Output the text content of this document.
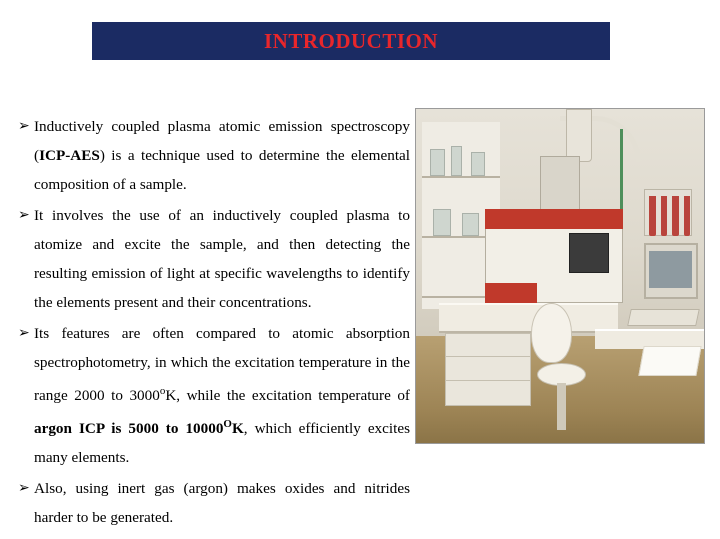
INTRODUCTION
➢ Inductively coupled plasma atomic emission spectroscopy (ICP-AES) is a technique used to determine the elemental composition of a sample.
➢ It involves the use of an inductively coupled plasma to atomize and excite the sample, and then detecting the resulting emission of light at specific wavelengths to identify the elements present and their concentrations.
➢ Its features are often compared to atomic absorption spectrophotometry, in which the excitation temperature in the range 2000 to 3000$^o$K, while the excitation temperature of argon ICP is 5000 to $10000^OK$, which efficiently excites many elements.
➢ Also, using inert gas (argon) makes oxides and nitrides harder to be generated.
